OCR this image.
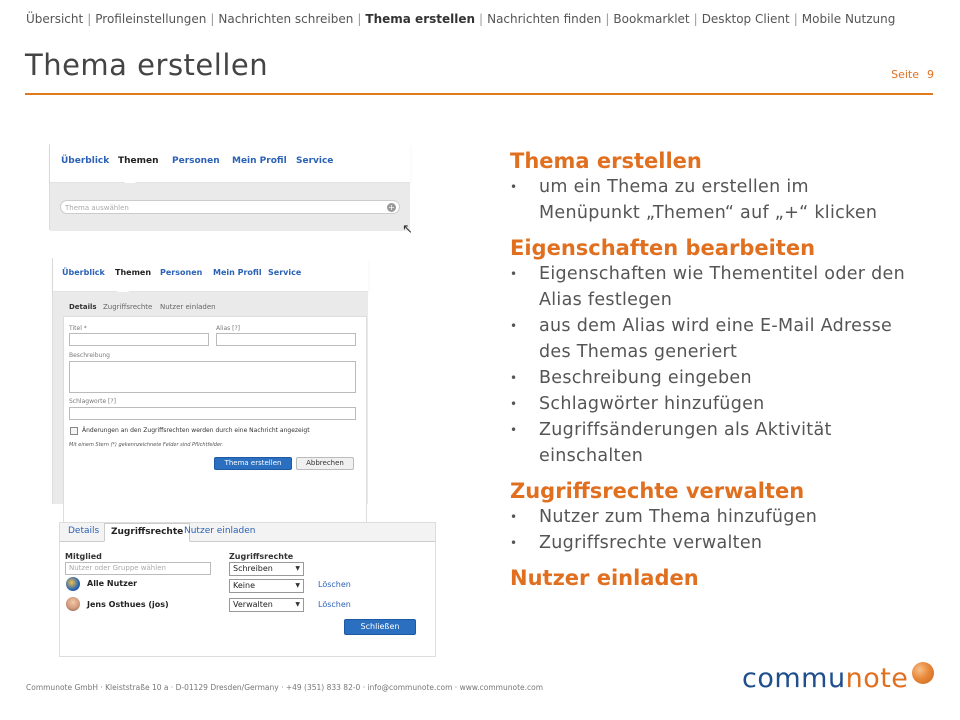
Übersicht | Profileinstellungen | Nachrichten schreiben | Thema erstellen | Nachrichten finden | Bookmarklet | Desktop Client | Mobile Nutzung
Thema erstellen	Seite 9
Überblick Themen Personen Mein Profil Service
Thema auswählen	+
↖
Überblick Themen Personen Mein Profil Service
Details Zugriffsrechte Nutzer einladen
Titel *	Alias [?]
Beschreibung
Schlagworte [?]
Änderungen an den Zugriffsrechten werden durch eine Nachricht angezeigt
Mit einem Stern (*) gekennzeichnete Felder sind Pflichtfelder.
Thema erstellen	Abbrechen
Details	Zugriffsrechte Nutzer einladen
Mitglied	Zugriffsrechte
Nutzer oder Gruppe wählen	Schreiben	▼
Alle Nutzer	Keine	▼ Löschen
Jens Osthues (jos)	Verwalten	▼ Löschen
Schließen
Thema erstellen
• um ein Thema zu erstellen im Menüpunkt „Themen“ auf „+“ klicken
Eigenschaften bearbeiten
• Eigenschaften wie Thementitel oder den Alias festlegen
• aus dem Alias wird eine E-Mail Adresse des Themas generiert
• Beschreibung eingeben
• Schlagwörter hinzufügen
• Zugriffsänderungen als Aktivität einschalten
Zugriffsrechte verwalten
• Nutzer zum Thema hinzufügen
• Zugriffsrechte verwalten
Nutzer einladen
Communote GmbH · Kleiststraße 10 a · D-01129 Dresden/Germany · +49 (351) 833 82-0 · info@communote.com · www.communote.com	communote
